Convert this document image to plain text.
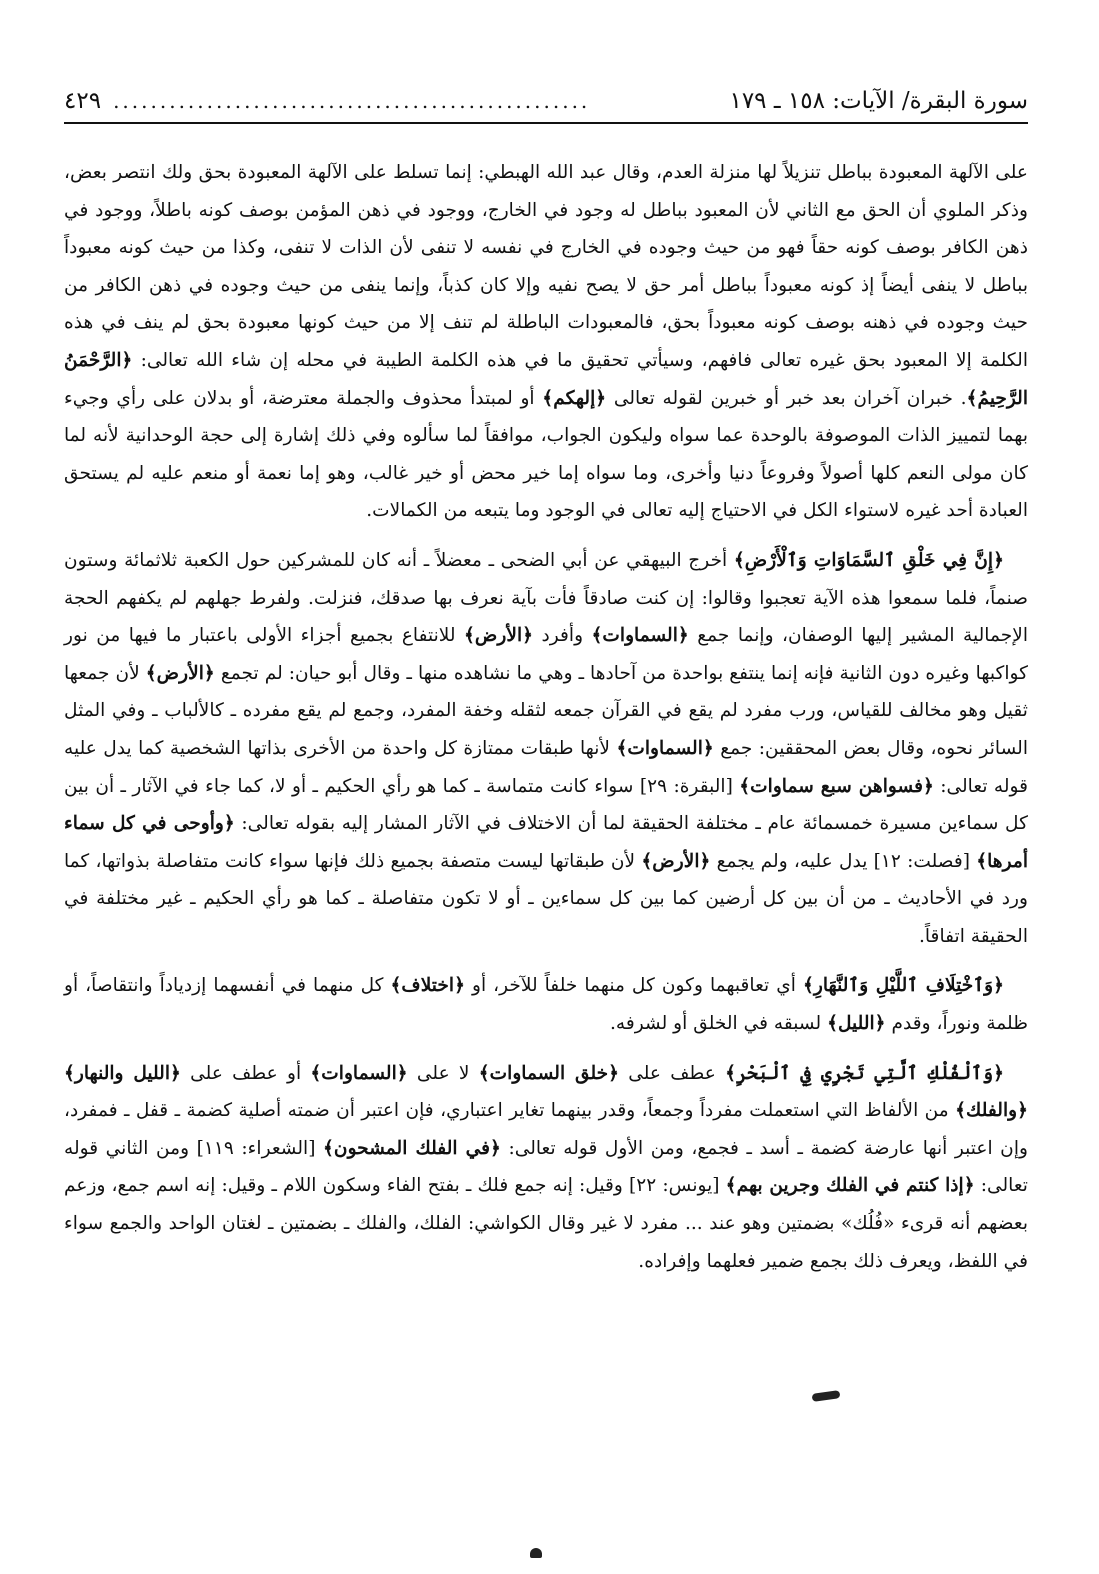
سورة البقرة/ الآيات: ١٥٨ ـ ١٧٩
...................................................
٤٢٩

على الآلهة المعبودة بباطل تنزيلاً لها منزلة العدم، وقال عبد الله الهبطي: إنما تسلط على الآلهة المعبودة بحق ولك انتصر بعض، وذكر الملوي أن الحق مع الثاني لأن المعبود بباطل له وجود في الخارج، ووجود في ذهن المؤمن بوصف كونه باطلاً، ووجود في ذهن الكافر بوصف كونه حقاً فهو من حيث وجوده في الخارج في نفسه لا تنفى لأن الذات لا تنفى، وكذا من حيث كونه معبوداً بباطل لا ينفى أيضاً إذ كونه معبوداً بباطل أمر حق لا يصح نفيه وإلا كان كذباً، وإنما ينفى من حيث وجوده في ذهن الكافر من حيث وجوده في ذهنه بوصف كونه معبوداً بحق، فالمعبودات الباطلة لم تنف إلا من حيث كونها معبودة بحق لم ينف في هذه الكلمة إلا المعبود بحق غيره تعالى فافهم، وسيأتي تحقيق ما في هذه الكلمة الطيبة في محله إن شاء الله تعالى: ﴿الرَّحْمَنُ الرَّحِيمُ﴾. خبران آخران بعد خبر أو خبرين لقوله تعالى ﴿إلهكم﴾ أو لمبتدأ محذوف والجملة معترضة، أو بدلان على رأي وجيء بهما لتمييز الذات الموصوفة بالوحدة عما سواه وليكون الجواب، موافقاً لما سألوه وفي ذلك إشارة إلى حجة الوحدانية لأنه لما كان مولى النعم كلها أصولاً وفروعاً دنيا وأخرى، وما سواه إما خير محض أو خير غالب، وهو إما نعمة أو منعم عليه لم يستحق العبادة أحد غيره لاستواء الكل في الاحتياج إليه تعالى في الوجود وما يتبعه من الكمالات.

﴿إِنَّ فِي خَلْقِ ٱلسَّمَاوَاتِ وَٱلْأَرْضِ﴾ أخرج البيهقي عن أبي الضحى ـ معضلاً ـ أنه كان للمشركين حول الكعبة ثلاثمائة وستون صنماً، فلما سمعوا هذه الآية تعجبوا وقالوا: إن كنت صادقاً فأت بآية نعرف بها صدقك، فنزلت. ولفرط جهلهم لم يكفهم الحجة الإجمالية المشير إليها الوصفان، وإنما جمع ﴿السماوات﴾ وأفرد ﴿الأرض﴾ للانتفاع بجميع أجزاء الأولى باعتبار ما فيها من نور كواكبها وغيره دون الثانية فإنه إنما ينتفع بواحدة من آحادها ـ وهي ما نشاهده منها ـ وقال أبو حيان: لم تجمع ﴿الأرض﴾ لأن جمعها ثقيل وهو مخالف للقياس، ورب مفرد لم يقع في القرآن جمعه لثقله وخفة المفرد، وجمع لم يقع مفرده ـ كالألباب ـ وفي المثل السائر نحوه، وقال بعض المحققين: جمع ﴿السماوات﴾ لأنها طبقات ممتازة كل واحدة من الأخرى بذاتها الشخصية كما يدل عليه قوله تعالى: ﴿فسواهن سبع سماوات﴾ [البقرة: ٢٩] سواء كانت متماسة ـ كما هو رأي الحكيم ـ أو لا، كما جاء في الآثار ـ أن بين كل سماءين مسيرة خمسمائة عام ـ مختلفة الحقيقة لما أن الاختلاف في الآثار المشار إليه بقوله تعالى: ﴿وأوحى في كل سماء أمرها﴾ [فصلت: ١٢] يدل عليه، ولم يجمع ﴿الأرض﴾ لأن طبقاتها ليست متصفة بجميع ذلك فإنها سواء كانت متفاصلة بذواتها، كما ورد في الأحاديث ـ من أن بين كل أرضين كما بين كل سماءين ـ أو لا تكون متفاصلة ـ كما هو رأي الحكيم ـ غير مختلفة في الحقيقة اتفاقاً.

﴿وَٱخْتِلَافِ ٱللَّيْلِ وَٱلنَّهَارِ﴾ أي تعاقبهما وكون كل منهما خلفاً للآخر، أو ﴿اختلاف﴾ كل منهما في أنفسهما إزدياداً وانتقاصاً، أو ظلمة ونوراً، وقدم ﴿الليل﴾ لسبقه في الخلق أو لشرفه.

﴿وَٱلْفُلْكِ ٱلَّتِي تَجْرِي فِي ٱلْبَحْرِ﴾ عطف على ﴿خلق السماوات﴾ لا على ﴿السماوات﴾ أو عطف على ﴿الليل والنهار﴾ ﴿والفلك﴾ من الألفاظ التي استعملت مفرداً وجمعاً، وقدر بينهما تغاير اعتباري، فإن اعتبر أن ضمته أصلية كضمة ـ قفل ـ فمفرد، وإن اعتبر أنها عارضة كضمة ـ أسد ـ فجمع، ومن الأول قوله تعالى: ﴿في الفلك المشحون﴾ [الشعراء: ١١٩] ومن الثاني قوله تعالى: ﴿إذا كنتم في الفلك وجرين بهم﴾ [يونس: ٢٢] وقيل: إنه جمع فلك ـ بفتح الفاء وسكون اللام ـ وقيل: إنه اسم جمع، وزعم بعضهم أنه قرىء «فُلُك» بضمتين وهو عند ... مفرد لا غير وقال الكواشي: الفلك، والفلك ـ بضمتين ـ لغتان الواحد والجمع سواء في اللفظ، ويعرف ذلك بجمع ضمير فعلهما وإفراده.
